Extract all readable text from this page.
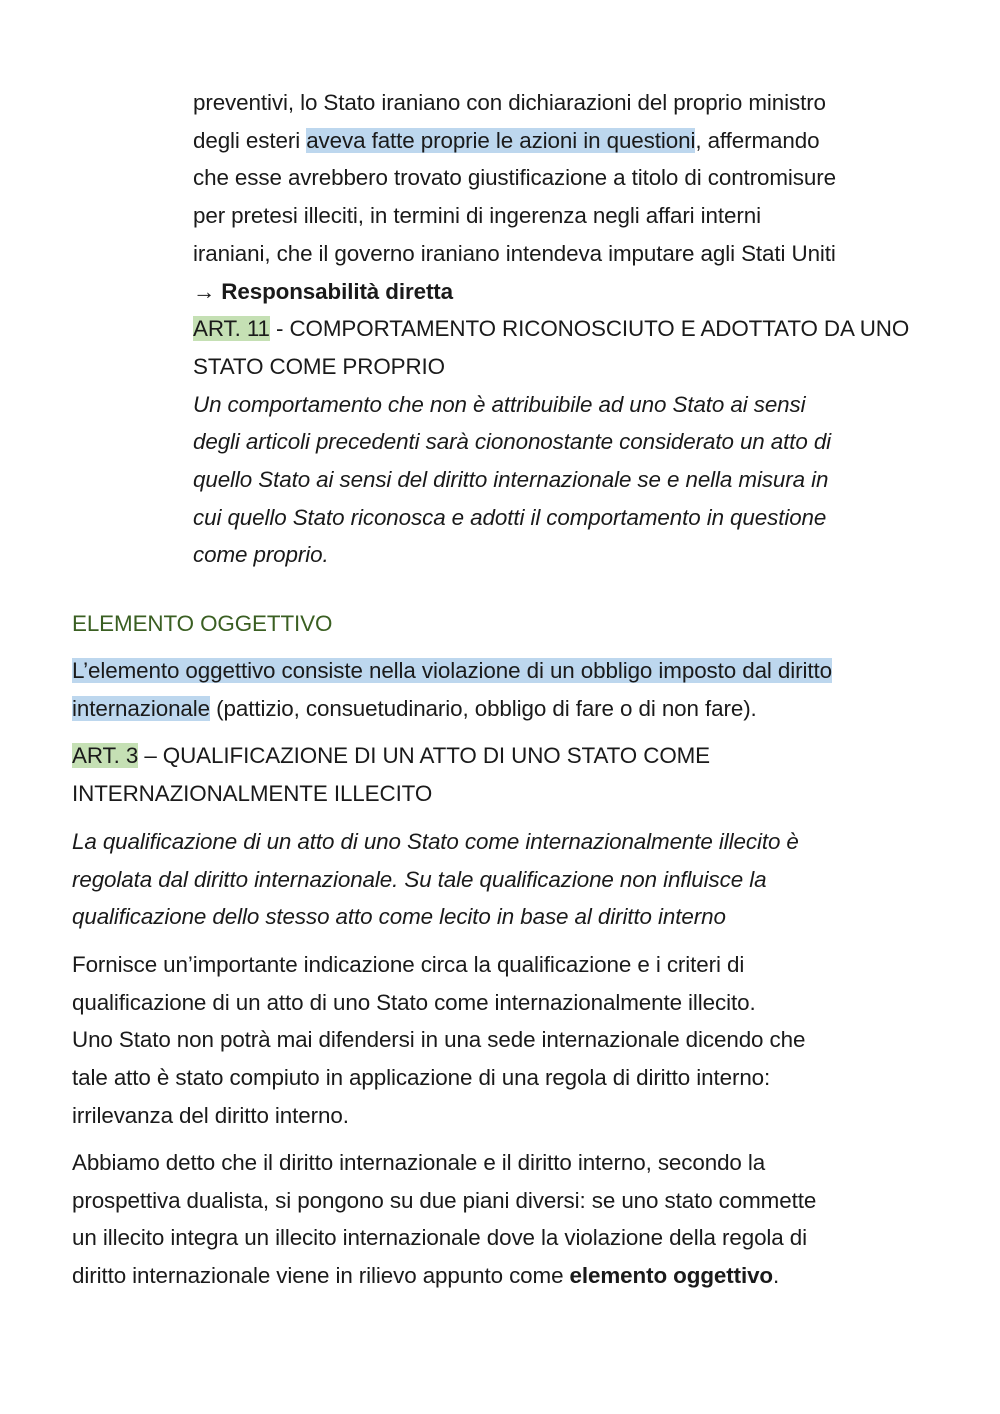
preventivi, lo Stato iraniano con dichiarazioni del proprio ministro
degli esteri aveva fatte proprie le azioni in questioni, affermando
che esse avrebbero trovato giustificazione a titolo di contromisure
per pretesi illeciti, in termini di ingerenza negli affari interni
iraniani, che il governo iraniano intendeva imputare agli Stati Uniti
→ Responsabilità diretta
ART. 11 - COMPORTAMENTO RICONOSCIUTO E ADOTTATO DA UNO
STATO COME PROPRIO
Un comportamento che non è attribuibile ad uno Stato ai sensi
degli articoli precedenti sarà ciononostante considerato un atto di
quello Stato ai sensi del diritto internazionale se e nella misura in
cui quello Stato riconosca e adotti il comportamento in questione
come proprio.
ELEMENTO OGGETTIVO
L’elemento oggettivo consiste nella violazione di un obbligo imposto dal diritto
internazionale (pattizio, consuetudinario, obbligo di fare o di non fare).
ART. 3 – QUALIFICAZIONE DI UN ATTO DI UNO STATO COME
INTERNAZIONALMENTE ILLECITO
La qualificazione di un atto di uno Stato come internazionalmente illecito è
regolata dal diritto internazionale. Su tale qualificazione non influisce la
qualificazione dello stesso atto come lecito in base al diritto interno
Fornisce un’importante indicazione circa la qualificazione e i criteri di
qualificazione di un atto di uno Stato come internazionalmente illecito.
Uno Stato non potrà mai difendersi in una sede internazionale dicendo che
tale atto è stato compiuto in applicazione di una regola di diritto interno:
irrilevanza del diritto interno.
Abbiamo detto che il diritto internazionale e il diritto interno, secondo la
prospettiva dualista, si pongono su due piani diversi: se uno stato commette
un illecito integra un illecito internazionale dove la violazione della regola di
diritto internazionale viene in rilievo appunto come elemento oggettivo.
